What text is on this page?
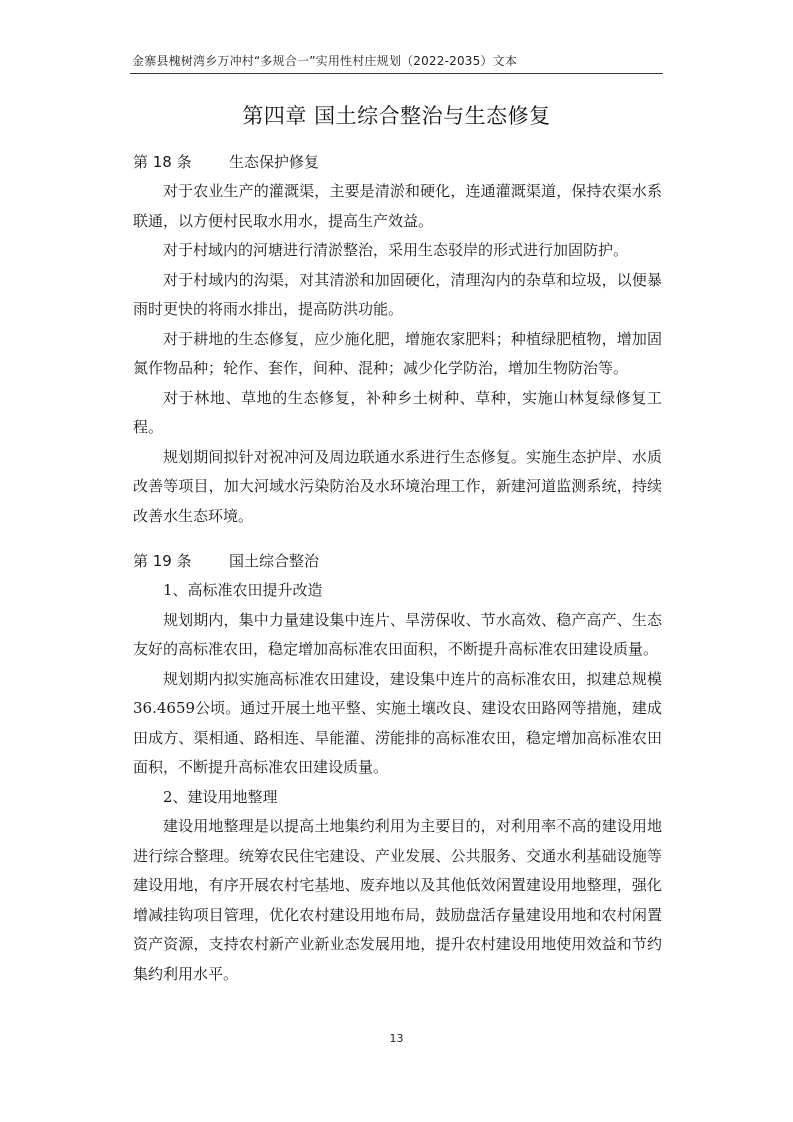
金寨县槐树湾乡万冲村“多规合一”实用性村庄规划（2022-2035）文本
第四章 国土综合整治与生态修复
第 18 条 生态保护修复

对于农业生产的灌溉渠，主要是清淤和硬化，连通灌溉渠道，保持农渠水系联通，以方便村民取水用水，提高生产效益。

对于村域内的河塘进行清淤整治，采用生态驳岸的形式进行加固防护。

对于村域内的沟渠，对其清淤和加固硬化，清理沟内的杂草和垃圾，以便暴雨时更快的将雨水排出，提高防洪功能。

对于耕地的生态修复，应少施化肥，增施农家肥料；种植绿肥植物，增加固氮作物品种；轮作、套作，间种、混种；减少化学防治，增加生物防治等。

对于林地、草地的生态修复，补种乡土树种、草种，实施山林复绿修复工程。

规划期间拟针对祝冲河及周边联通水系进行生态修复。实施生态护岸、水质改善等项目，加大河域水污染防治及水环境治理工作，新建河道监测系统，持续改善水生态环境。

第 19 条 国土综合整治

1、高标准农田提升改造

规划期内，集中力量建设集中连片、旱涝保收、节水高效、稳产高产、生态友好的高标准农田，稳定增加高标准农田面积，不断提升高标准农田建设质量。

规划期内拟实施高标准农田建设，建设集中连片的高标准农田，拟建总规模36.4659公顷。通过开展土地平整、实施土壤改良、建设农田路网等措施，建成田成方、渠相通、路相连、旱能灌、涝能排的高标准农田，稳定增加高标准农田面积，不断提升高标准农田建设质量。

2、建设用地整理

建设用地整理是以提高土地集约利用为主要目的，对利用率不高的建设用地进行综合整理。统筹农民住宅建设、产业发展、公共服务、交通水利基础设施等建设用地，有序开展农村宅基地、废弃地以及其他低效闲置建设用地整理，强化增减挂钩项目管理，优化农村建设用地布局，鼓励盘活存量建设用地和农村闲置资产资源，支持农村新产业新业态发展用地，提升农村建设用地使用效益和节约集约利用水平。

13
